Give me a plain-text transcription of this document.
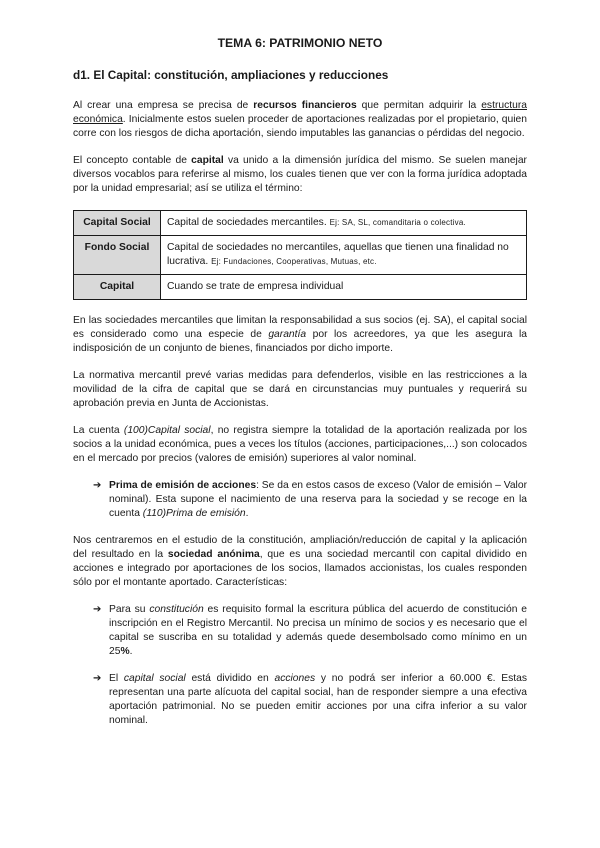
TEMA 6: PATRIMONIO NETO
d1. El Capital: constitución, ampliaciones y reducciones

Al crear una empresa se precisa de recursos financieros que permitan adquirir la estructura económica. Inicialmente estos suelen proceder de aportaciones realizadas por el propietario, quien corre con los riesgos de dicha aportación, siendo imputables las ganancias o pérdidas del negocio.

El concepto contable de capital va unido a la dimensión jurídica del mismo. Se suelen manejar diversos vocablos para referirse al mismo, los cuales tienen que ver con la forma jurídica adoptada por la unidad empresarial; así se utiliza el término:

Capital Social	Capital de sociedades mercantiles. Ej: SA, SL, comanditaria o colectiva.
Fondo Social	Capital de sociedades no mercantiles, aquellas que tienen una finalidad no lucrativa. Ej: Fundaciones, Cooperativas, Mutuas, etc.
Capital	Cuando se trate de empresa individual

En las sociedades mercantiles que limitan la responsabilidad a sus socios (ej. SA), el capital social es considerado como una especie de garantía por los acreedores, ya que les asegura la indisposición de un conjunto de bienes, financiados por dicho importe.

La normativa mercantil prevé varias medidas para defenderlos, visible en las restricciones a la movilidad de la cifra de capital que se dará en circunstancias muy puntuales y requerirá su aprobación previa en Junta de Accionistas.

La cuenta (100)Capital social, no registra siempre la totalidad de la aportación realizada por los socios a la unidad económica, pues a veces los títulos (acciones, participaciones,...) son colocados en el mercado por precios (valores de emisión) superiores al valor nominal.

➔ Prima de emisión de acciones: Se da en estos casos de exceso (Valor de emisión – Valor nominal). Esta supone el nacimiento de una reserva para la sociedad y se recoge en la cuenta (110)Prima de emisión.

Nos centraremos en el estudio de la constitución, ampliación/reducción de capital y la aplicación del resultado en la sociedad anónima, que es una sociedad mercantil con capital dividido en acciones e integrado por aportaciones de los socios, llamados accionistas, los cuales responden sólo por el montante aportado. Características:

➔ Para su constitución es requisito formal la escritura pública del acuerdo de constitución e inscripción en el Registro Mercantil. No precisa un mínimo de socios y es necesario que el capital se suscriba en su totalidad y además quede desembolsado como mínimo en un 25%.
➔ El capital social está dividido en acciones y no podrá ser inferior a 60.000 €. Estas representan una parte alícuota del capital social, han de responder siempre a una efectiva aportación patrimonial. No se pueden emitir acciones por una cifra inferior a su valor nominal.
